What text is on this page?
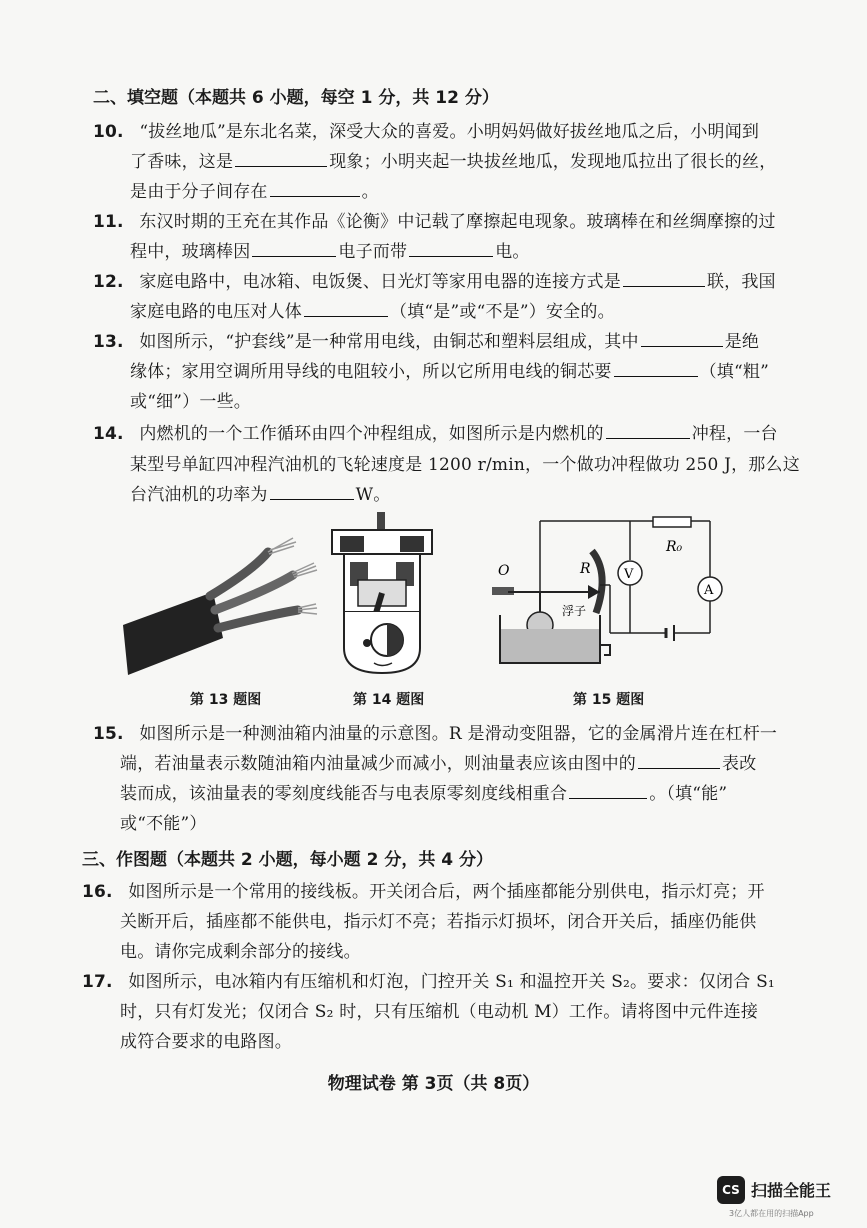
二、填空题（本题共 6 小题，每空 1 分，共 12 分）
10. “拔丝地瓜”是东北名菜，深受大众的喜爱。小明妈妈做好拔丝地瓜之后，小明闻到
了香味，这是	现象；小明夹起一块拔丝地瓜，发现地瓜拉出了很长的丝，
是由于分子间存在	。
11. 东汉时期的王充在其作品《论衡》中记载了摩擦起电现象。玻璃棒在和丝绸摩擦的过
程中，玻璃棒因	电子而带	电。
12. 家庭电路中，电冰箱、电饭煲、日光灯等家用电器的连接方式是	联，我国
家庭电路的电压对人体	（填“是”或“不是”）安全的。
13. 如图所示，“护套线”是一种常用电线，由铜芯和塑料层组成，其中	是绝
缘体；家用空调所用导线的电阻较小，所以它所用电线的铜芯要	（填“粗”
或“细”）一些。
14. 内燃机的一个工作循环由四个冲程组成，如图所示是内燃机的	冲程，一台
某型号单缸四冲程汽油机的飞轮速度是 1200 r/min，一个做功冲程做功 250 J，那么这
台汽油机的功率为	W。
A
V
O	R
R₀
浮子
第 13 题图	第 14 题图	第 15 题图
15. 如图所示是一种测油箱内油量的示意图。R 是滑动变阻器，它的金属滑片连在杠杆一
端，若油量表示数随油箱内油量减少而减小，则油量表应该由图中的	表改
装而成，该油量表的零刻度线能否与电表原零刻度线相重合	。（填“能”
或“不能”）
三、作图题（本题共 2 小题，每小题 2 分，共 4 分）
16. 如图所示是一个常用的接线板。开关闭合后，两个插座都能分别供电，指示灯亮；开
关断开后，插座都不能供电，指示灯不亮；若指示灯损坏，闭合开关后，插座仍能供
电。请你完成剩余部分的接线。
17. 如图所示，电冰箱内有压缩机和灯泡，门控开关 S₁ 和温控开关 S₂。要求：仅闭合 S₁
时，只有灯发光；仅闭合 S₂ 时，只有压缩机（电动机 M）工作。请将图中元件连接
成符合要求的电路图。
物理试卷 第 3页（共 8页）
CS 扫描全能王
3亿人都在用的扫描App
